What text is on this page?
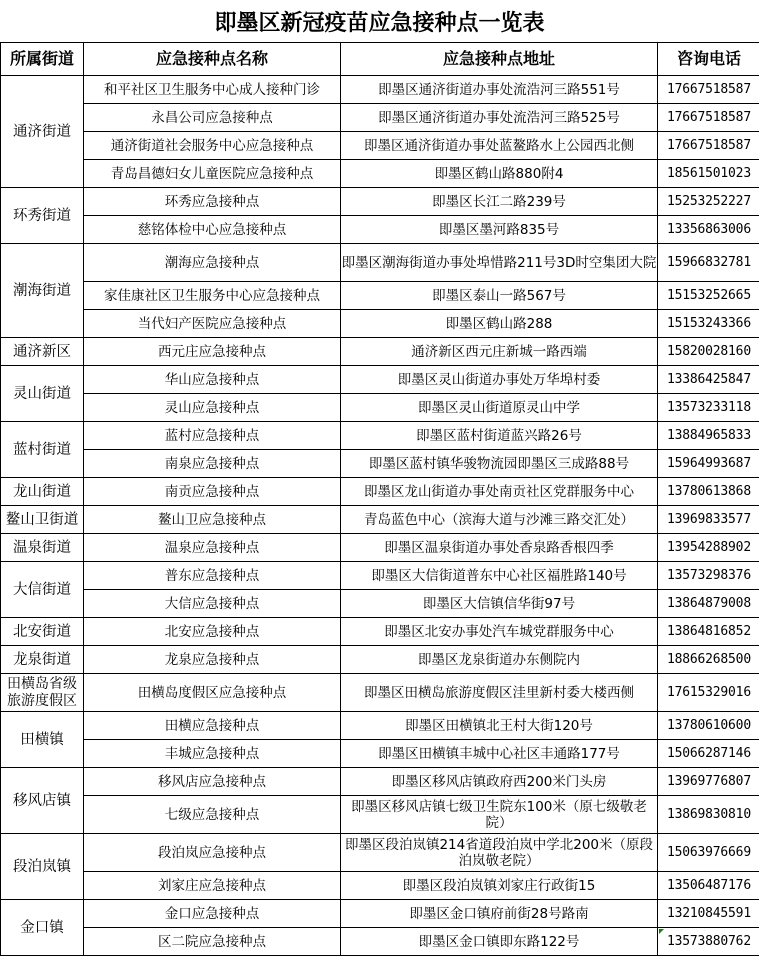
即墨区新冠疫苗应急接种点一览表
所属街道	应急接种点名称	应急接种点地址	咨询电话
通济街道	和平社区卫生服务中心成人接种门诊	即墨区通济街道办事处流浩河三路551号	17667518587
	永昌公司应急接种点	即墨区通济街道办事处流浩河三路525号	17667518587
	通济街道社会服务中心应急接种点	即墨区通济街道办事处蓝鳌路水上公园西北侧	17667518587
	青岛昌德妇女儿童医院应急接种点	即墨区鹤山路880附4	18561501023
环秀街道	环秀应急接种点	即墨区长江二路239号	15253252227
	慈铭体检中心应急接种点	即墨区墨河路835号	13356863006
潮海街道	潮海应急接种点	即墨区潮海街道办事处埠惜路211号3D时空集团大院	15966832781
	家佳康社区卫生服务中心应急接种点	即墨区泰山一路567号	15153252665
	当代妇产医院应急接种点	即墨区鹤山路288	15153243366
通济新区	西元庄应急接种点	通济新区西元庄新城一路西端	15820028160
灵山街道	华山应急接种点	即墨区灵山街道办事处万华埠村委	13386425847
	灵山应急接种点	即墨区灵山街道原灵山中学	13573233118
蓝村街道	蓝村应急接种点	即墨区蓝村街道蓝兴路26号	13884965833
	南泉应急接种点	即墨区蓝村镇华骏物流园即墨区三成路88号	15964993687
龙山街道	南贡应急接种点	即墨区龙山街道办事处南贡社区党群服务中心	13780613868
鳌山卫街道	鳌山卫应急接种点	青岛蓝色中心（滨海大道与沙滩三路交汇处）	13969833577
温泉街道	温泉应急接种点	即墨区温泉街道办事处香泉路香根四季	13954288902
大信街道	普东应急接种点	即墨区大信街道普东中心社区福胜路140号	13573298376
	大信应急接种点	即墨区大信镇信华街97号	13864879008
北安街道	北安应急接种点	即墨区北安办事处汽车城党群服务中心	13864816852
龙泉街道	龙泉应急接种点	即墨区龙泉街道办东侧院内	18866268500
田横岛省级旅游度假区	田横岛度假区应急接种点	即墨区田横岛旅游度假区洼里新村委大楼西侧	17615329016
田横镇	田横应急接种点	即墨区田横镇北王村大街120号	13780610600
	丰城应急接种点	即墨区田横镇丰城中心社区丰通路177号	15066287146
移风店镇	移风店应急接种点	即墨区移风店镇政府西200米门头房	13969776807
	七级应急接种点	即墨区移风店镇七级卫生院东100米（原七级敬老院）	13869830810
段泊岚镇	段泊岚应急接种点	即墨区段泊岚镇214省道段泊岚中学北200米（原段泊岚敬老院）	15063976669
	刘家庄应急接种点	即墨区段泊岚镇刘家庄行政街15	13506487176
金口镇	金口应急接种点	即墨区金口镇府前街28号路南	13210845591
	区二院应急接种点	即墨区金口镇即东路122号	13573880762
